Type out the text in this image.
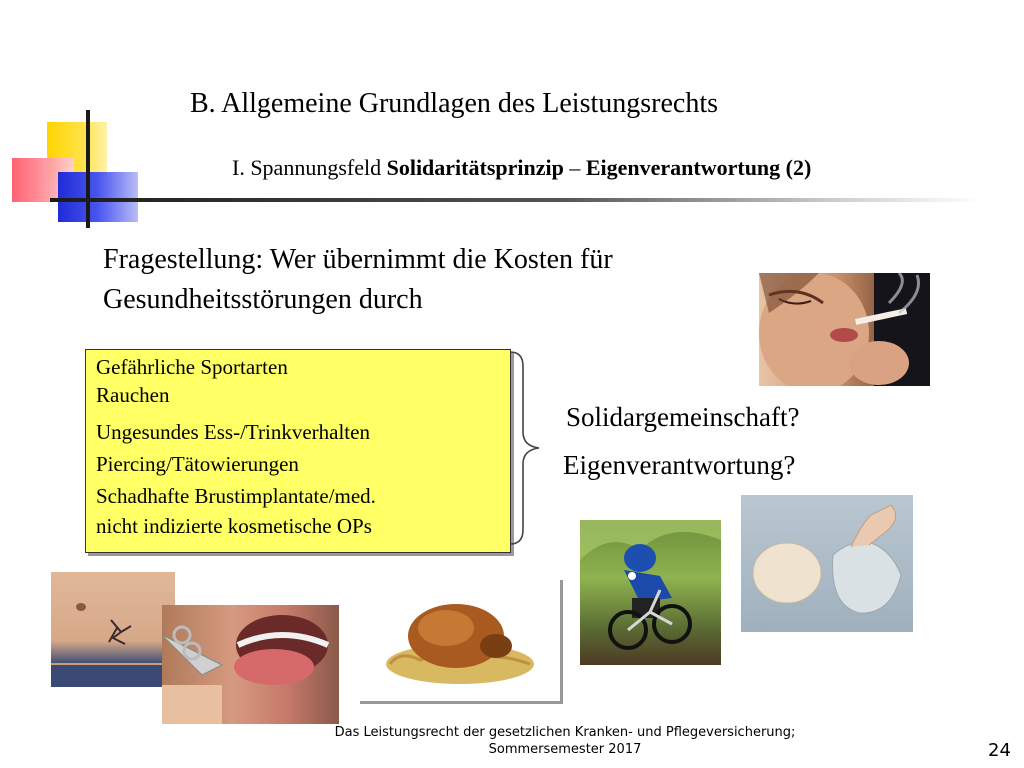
B. Allgemeine Grundlagen des Leistungsrechts
I. Spannungsfeld Solidaritätsprinzip – Eigenverantwortung (2)
Fragestellung: Wer übernimmt die Kosten für
Gesundheitsstörungen durch
Gefährliche Sportarten
Rauchen
Ungesundes Ess-/Trinkverhalten
Piercing/Tätowierungen
Schadhafte Brustimplantate/med.
nicht indizierte kosmetische OPs
Solidargemeinschaft?
Eigenverantwortung?
Das Leistungsrecht der gesetzlichen Kranken- und Pflegeversicherung;
Sommersemester 2017	24
